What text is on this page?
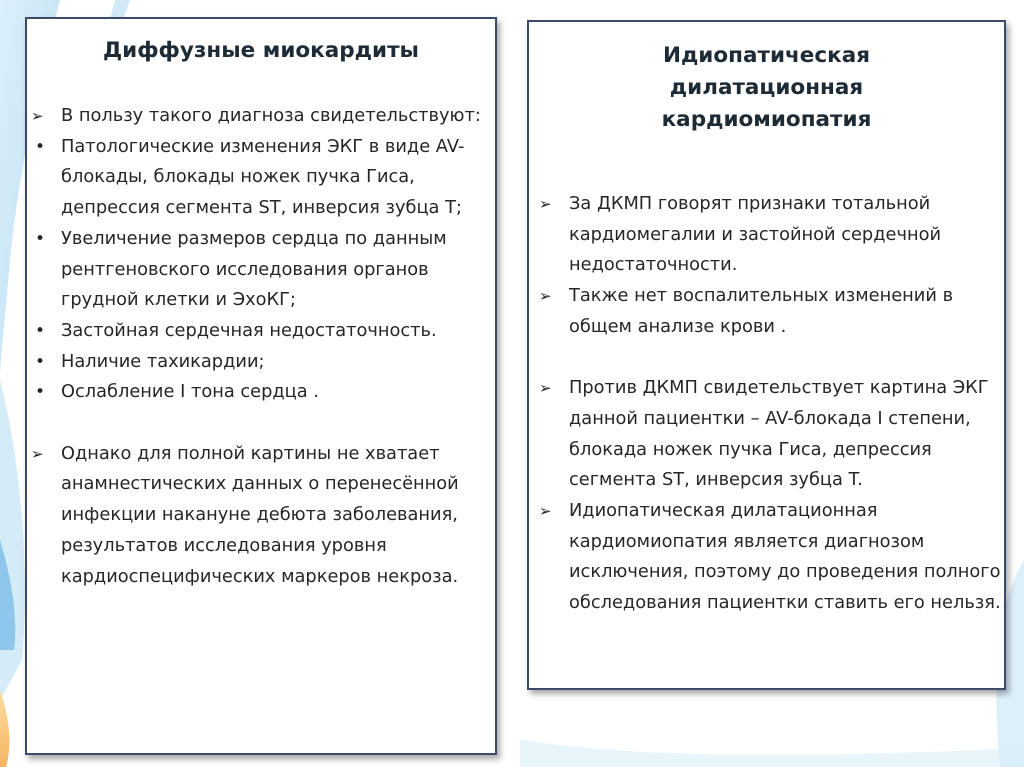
Диффузные миокардиты
➢ В пользу такого диагноза свидетельствуют:
• Патологические изменения ЭКГ в виде AV-блокады, блокады ножек пучка Гиса, депрессия сегмента ST, инверсия зубца T;
• Увеличение размеров сердца по данным рентгеновского исследования органов грудной клетки и ЭхоКГ;
• Застойная сердечная недостаточность.
• Наличие тахикардии;
• Ослабление I тона сердца .
➢ Однако для полной картины не хватает анамнестических данных о перенесённой инфекции накануне дебюта заболевания, результатов исследования уровня кардиоспецифических маркеров некроза.
Идиопатическая дилатационная кардиомиопатия
➢ За ДКМП говорят признаки тотальной кардиомегалии и застойной сердечной недостаточности.
➢ Также нет воспалительных изменений в общем анализе крови .
➢ Против ДКМП свидетельствует картина ЭКГ данной пациентки – AV-блокада I степени, блокада ножек пучка Гиса, депрессия сегмента ST, инверсия зубца T.
➢ Идиопатическая дилатационная кардиомиопатия является диагнозом исключения, поэтому до проведения полного обследования пациентки ставить его нельзя.
